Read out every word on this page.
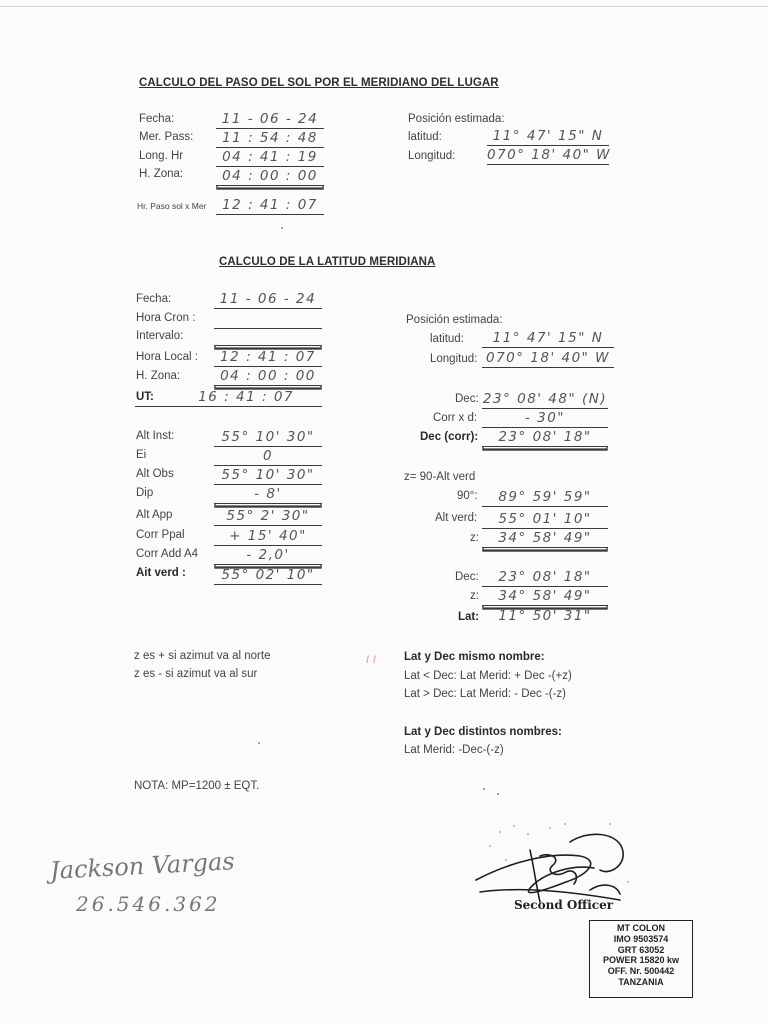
CALCULO DEL PASO DEL SOL POR EL MERIDIANO DEL LUGAR
Fecha:	11 - 06 - 24
Mer. Pass:	11 : 54 : 48
Long. Hr	04 : 41 : 19
H. Zona:	04 : 00 : 00
Hr. Paso sol x Mer	12 : 41 : 07
Posición estimada:
latitud:	11° 47' 15" N
Longitud: 070° 18' 40" W
CALCULO DE LA LATITUD MERIDIANA
Fecha:	11 - 06 - 24
Hora Cron :
Intervalo:
Hora Local :	12 : 41 : 07
H. Zona:	04 : 00 : 00
UT:	16 : 41 : 07
Alt Inst:	55° 10' 30"
Ei	0
Alt Obs	55° 10' 30"
Dip	- 8'
Alt App	55° 2' 30"
Corr Ppal	+ 15' 40"
Corr Add A4	- 2,0'
Ait verd :	55° 02' 10"
Posición estimada:
latitud:	11° 47' 15" N
Longitud: 070° 18' 40" W
Dec: 23° 08' 48" (N)
Corr x d:	- 30"
Dec (corr):	23° 08' 18"
z= 90-Alt verd
90°:	89° 59' 59"
Alt verd:	55° 01' 10"
z:	34° 58' 49"
Dec:	23° 08' 18"
z:	34° 58' 49"
Lat:	11° 50' 31"
z es + si azimut va al norte
z es - si azimut va al sur
ι ι Lat y Dec mismo nombre:
Lat < Dec: Lat Merid: + Dec -(+z)
Lat > Dec: Lat Merid: - Dec -(-z)
Lat y Dec distintos nombres:
Lat Merid: -Dec-(-z)
NOTA: MP=1200 ± EQT.
Jackson Vargas
26.546.362	Second Officer
MT COLON
IMO 9503574
GRT 63052
POWER 15820 kw
OFF. Nr. 500442
TANZANIA
